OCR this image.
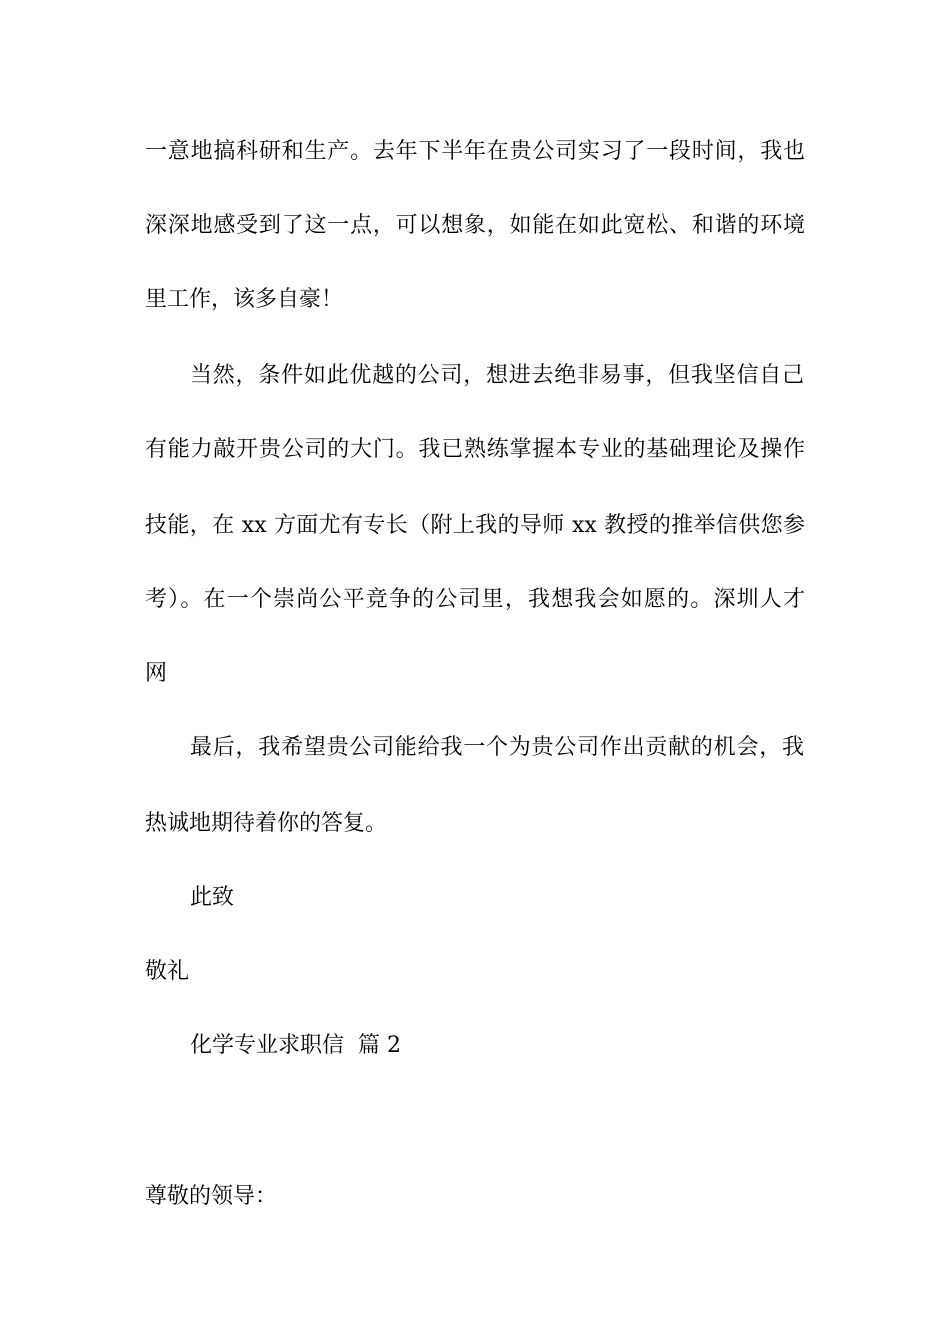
一意地搞科研和生产。去年下半年在贵公司实习了一段时间，我也
深深地感受到了这一点，可以想象，如能在如此宽松、和谐的环境
里工作，该多自豪！
当然，条件如此优越的公司，想进去绝非易事，但我坚信自己
有能力敲开贵公司的大门。我已熟练掌握本专业的基础理论及操作
技能，在 xx 方面尤有专长（附上我的导师 xx 教授的推举信供您参
考）。在一个崇尚公平竞争的公司里，我想我会如愿的。深圳人才
网
最后，我希望贵公司能给我一个为贵公司作出贡献的机会，我
热诚地期待着你的答复。
此致
敬礼
化学专业求职信  篇 2
尊敬的领导：
